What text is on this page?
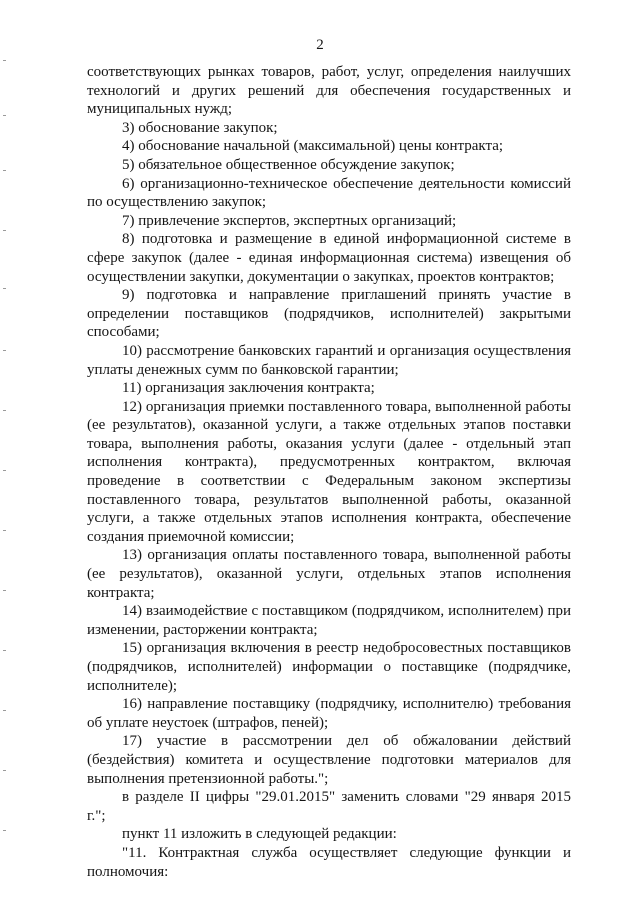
2

соответствующих рынках товаров, работ, услуг, определения наилучших технологий и других решений для обеспечения государственных и муниципальных нужд;

3) обоснование закупок;

4) обоснование начальной (максимальной) цены контракта;

5) обязательное общественное обсуждение закупок;

6) организационно-техническое обеспечение деятельности комиссий по осуществлению закупок;

7) привлечение экспертов, экспертных организаций;

8) подготовка и размещение в единой информационной системе в сфере закупок (далее - единая информационная система) извещения об осуществлении закупки, документации о закупках, проектов контрактов;

9) подготовка и направление приглашений принять участие в определении поставщиков (подрядчиков, исполнителей) закрытыми способами;

10) рассмотрение банковских гарантий и организация осуществления уплаты денежных сумм по банковской гарантии;

11) организация заключения контракта;

12) организация приемки поставленного товара, выполненной работы (ее результатов), оказанной услуги, а также отдельных этапов поставки товара, выполнения работы, оказания услуги (далее - отдельный этап исполнения контракта), предусмотренных контрактом, включая проведение в соответствии с Федеральным законом экспертизы поставленного товара, результатов выполненной работы, оказанной услуги, а также отдельных этапов исполнения контракта, обеспечение создания приемочной комиссии;

13) организация оплаты поставленного товара, выполненной работы (ее результатов), оказанной услуги, отдельных этапов исполнения контракта;

14) взаимодействие с поставщиком (подрядчиком, исполнителем) при изменении, расторжении контракта;

15) организация включения в реестр недобросовестных поставщиков (подрядчиков, исполнителей) информации о поставщике (подрядчике, исполнителе);

16) направление поставщику (подрядчику, исполнителю) требования об уплате неустоек (штрафов, пеней);

17) участие в рассмотрении дел об обжаловании действий (бездействия) комитета и осуществление подготовки материалов для выполнения претензионной работы.";

в разделе II цифры "29.01.2015" заменить словами "29 января 2015 г.";

пункт 11 изложить в следующей редакции:

"11. Контрактная служба осуществляет следующие функции и полномочия:
